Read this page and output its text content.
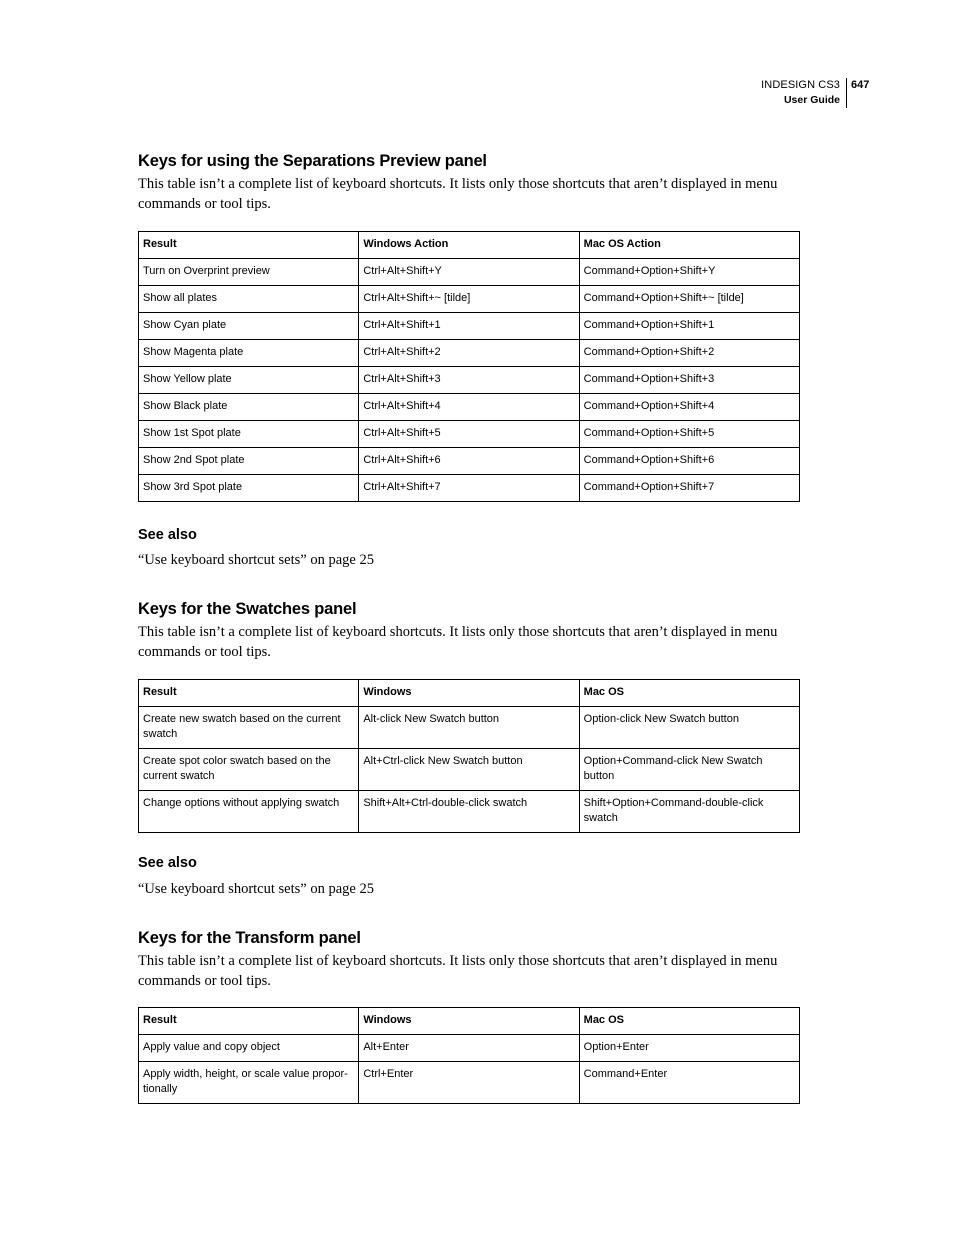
INDESIGN CS3
User Guide
647
Keys for using the Separations Preview panel

This table isn’t a complete list of keyboard shortcuts. It lists only those shortcuts that aren’t displayed in menu commands or tool tips.

Result	Windows Action	Mac OS Action
Turn on Overprint preview	Ctrl+Alt+Shift+Y	Command+Option+Shift+Y
Show all plates	Ctrl+Alt+Shift+~ [tilde]	Command+Option+Shift+~ [tilde]
Show Cyan plate	Ctrl+Alt+Shift+1	Command+Option+Shift+1
Show Magenta plate	Ctrl+Alt+Shift+2	Command+Option+Shift+2
Show Yellow plate	Ctrl+Alt+Shift+3	Command+Option+Shift+3
Show Black plate	Ctrl+Alt+Shift+4	Command+Option+Shift+4
Show 1st Spot plate	Ctrl+Alt+Shift+5	Command+Option+Shift+5
Show 2nd Spot plate	Ctrl+Alt+Shift+6	Command+Option+Shift+6
Show 3rd Spot plate	Ctrl+Alt+Shift+7	Command+Option+Shift+7
See also
“Use keyboard shortcut sets” on page 25
Keys for the Swatches panel

This table isn’t a complete list of keyboard shortcuts. It lists only those shortcuts that aren’t displayed in menu commands or tool tips.

Result	Windows	Mac OS
Create new swatch based on the current swatch	Alt-click New Swatch button	Option-click New Swatch button
Create spot color swatch based on the current swatch	Alt+Ctrl-click New Swatch button	Option+Command-click New Swatch button
Change options without applying swatch	Shift+Alt+Ctrl-double-click swatch	Shift+Option+Command-double-click swatch
See also
“Use keyboard shortcut sets” on page 25
Keys for the Transform panel

This table isn’t a complete list of keyboard shortcuts. It lists only those shortcuts that aren’t displayed in menu commands or tool tips.

Result	Windows	Mac OS
Apply value and copy object	Alt+Enter	Option+Enter
Apply width, height, or scale value propor-tionally	Ctrl+Enter	Command+Enter
